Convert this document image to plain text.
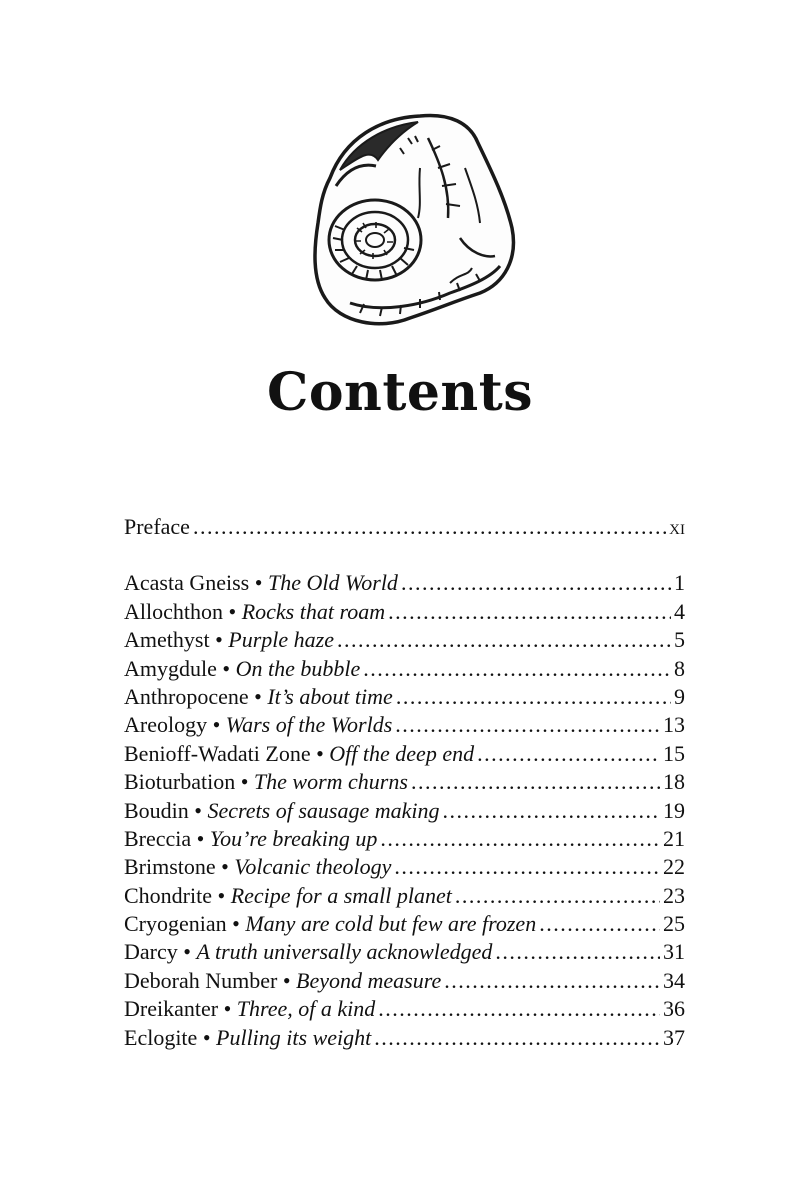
Contents
Preface .....	xi
Acasta Gneiss • The Old World .....	1
Allochthon • Rocks that roam .....	4
Amethyst • Purple haze .....	5
Amygdule • On the bubble .....	8
Anthropocene • It’s about time .....	9
Areology • Wars of the Worlds .....	13
Benioff-Wadati Zone • Off the deep end .....	15
Bioturbation • The worm churns .....	18
Boudin • Secrets of sausage making .....	19
Breccia • You’re breaking up .....	21
Brimstone • Volcanic theology .....	22
Chondrite • Recipe for a small planet .....	23
Cryogenian • Many are cold but few are frozen .....	25
Darcy • A truth universally acknowledged .....	31
Deborah Number • Beyond measure .....	34
Dreikanter • Three, of a kind .....	36
Eclogite • Pulling its weight .....	37
